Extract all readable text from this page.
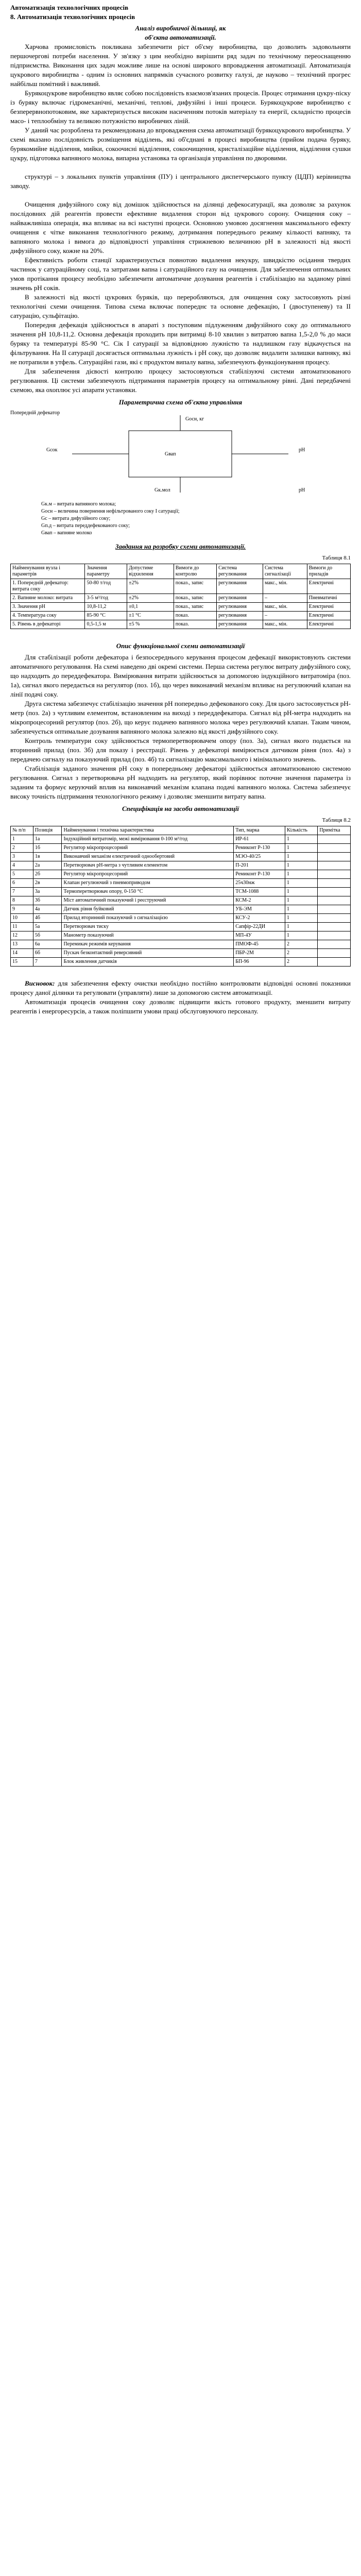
Автоматизація технологічних процесів
8. Автоматизація технологічних процесів
Аналіз виробничої дільниці, як
об'єкта автоматизації.

Харчова промисловість покликана забезпечити ріст об'єму виробництва, що дозволить задовольняти першочергові потреби населення. У зв'язку з цим необхідно вирішити ряд задач по технічному переоснащенню підприємства. Виконання цих задач можливе лише на основі широкого впровадження автоматизації. Автоматизація цукрового виробництва - одним із основних напрямків сучасного розвитку галузі, де науково – технічний прогрес найбільш помітний і важливий.

Бурякоцукрове виробництво являє собою послідовність взаємозв'язаних процесів. Процес отримання цукру-піску із буряку включає гідромеханічні, механічні, теплові, дифузійні і інші процеси. Бурякоцукрове виробництво є безперервнопотоковим, яке характеризується високим насиченням потоків матеріалу та енергії, складністю процесів масо- і теплообміну та великою потужністю виробничих ліній.

У даний час розроблена та рекомендована до впровадження схема автоматизації бурякоцукрового виробництва. У схемі вказано послідовність розміщення відділень, які об'єднані в процесі виробництва (прийом подача буряку, бурякомийне відділення, мийки, сокоочисні відділення, сокоочищення, кристалізаційне відділення, відділення сушки цукру, підготовка вапняного молока, випарна установка та організація управління по дворовими.

структурі – з локальних пунктів управління (ПУ) і центрального диспетчерського пункту (ЦДП) керівництва заводу.

Очищення дифузійного соку від домішок здійснюється на ділянці дефекосатурації, яка дозволяє за рахунок послідовних дій реагентів провести ефективне видалення сторон від цукрового сорону. Очищення соку – найважливіша операція, яка впливає на всі наступні процеси. Основною умовою досягнення максимального ефекту очищення є чітке виконання технологічного режиму, дотримання попереднього режиму кількості вапняку, та вапняного молока і вимога до відповідності управління стрижневою величиною pH в залежності від якості дифузійного соку, кожне на 20%.

Ефективність роботи станції характеризується повнотою видалення некукру, швидкістю осідання твердих частинок у сатураційному соці, та затратами вапна і сатураційного газу на очищення. Для забезпечення оптимальних умов протікання процесу необхідно забезпечити автоматичне дозування реагентів і стабілізацію на заданому рівні значень pH соків.

В залежності від якості цукрових буряків, що переробляються, для очищення соку застосовують різні технологічні схеми очищення. Типова схема включає попереднє та основне дефекацію, І (двоступеневу) та II сатурацію, сульфітацію.

Попередня дефекація здійснюється в апараті з поступовим підлуженням дифузійного соку до оптимального значення pH 10,8-11,2. Основна дефекація проходить при витримці 8-10 хвилин з витратою вапна 1,5-2,0 % до маси буряку та температурі 85-90 °С. Сік I сатурації за відповідною лужністю та надлишком газу відкачується на фільтрування. На II сатурації досягається оптимальна лужність і рH соку, що дозволяє видалити залишки вапняку, які не потрапили в утфель. Сатураційні гази, які є продуктом випалу вапна, забезпечують функціонування процесу.

Для забезпечення дієвості контролю процесу застосовуються стабілізуючі системи автоматизованого регулювання. Ці системи забезпечують підтримання параметрів процесу на оптимальному рівні. Дані передбачені схемою, яка охоплює усі апарати установки.

Параметрична схема об'єкта управління
Попередній дефекатор
Gосн, кг
Gсок
Gвап
pH
Gк.мол	pH
Gк.м – витрата вапняного молока;
Gосн – величина повернення нефільтрованого соку I сатурації;
Gс – витрата дифузійного соку;
Gп.д – витрата переддефекованого соку;
Gвап – вапняне молоко
Завдання на розробку схеми автоматизації.
Таблиця 8.1
Найменування вузла і параметрів	Значення параметру	Допустиме відхилення	Вимоги до контролю	Система регулювання	Система сигналізації	Вимоги до приладів
1. Попередній дефекатор: витрата соку	50-80 т/год	±2%	показ., запис	регулювання	макс., мін.	Електричні
2. Вапняне молоко: витрата	3-5 м³/год	±2%	показ., запис	регулювання	–	Пневматичні
3. Значення pH	10,8-11,2	±0,1	показ., запис	регулювання	макс., мін.	Електричні
4. Температура соку	85-90 °С	±1 °С	показ.	регулювання	–	Електричні
5. Рівень в дефекаторі	0,5-1,5 м	±5 %	показ.	регулювання	макс., мін.	Електричні
Опис функціональної схеми автоматизації

Для стабілізації роботи дефекатора і безпосереднього керування процесом дефекації використовують системи автоматичного регулювання. На схемі наведено дві окремі системи. Перша система регулює витрату дифузійного соку, що надходить до переддефекатора. Вимірювання витрати здійснюється за допомогою індукційного витратоміра (поз. 1а), сигнал якого передається на регулятор (поз. 1б), що через виконавчий механізм впливає на регулюючий клапан на лінії подачі соку.

Друга система забезпечує стабілізацію значення pH попередньо дефекованого соку. Для цього застосовується pH-метр (поз. 2а) з чутливим елементом, встановленим на виході з переддефекатора. Сигнал від pH-метра надходить на мікропроцесорний регулятор (поз. 2б), що керує подачею вапняного молока через регулюючий клапан. Таким чином, забезпечується оптимальне дозування вапняного молока залежно від якості дифузійного соку.

Контроль температури соку здійснюється термоперетворювачем опору (поз. 3а), сигнал якого подається на вторинний прилад (поз. 3б) для показу і реєстрації. Рівень у дефекаторі вимірюється датчиком рівня (поз. 4а) з передачею сигналу на показуючий прилад (поз. 4б) та сигналізацію максимального і мінімального значень.

Стабілізація заданого значення pH соку в попередньому дефекаторі здійснюється автоматизованою системою регулювання. Сигнал з перетворювача pH надходить на регулятор, який порівнює поточне значення параметра із заданим та формує керуючий вплив на виконавчий механізм клапана подачі вапняного молока. Система забезпечує високу точність підтримання технологічного режиму і дозволяє зменшити витрату вапна.

Специфікація на засоби автоматизації
Таблиця 8.2
№ п/п	Позиція	Найменування і технічна характеристика	Тип, марка	Кількість	Примітка
1	1а	Індукційний витратомір, межі вимірювання 0-100 м³/год	ИР-61	1	
2	1б	Регулятор мікропроцесорний	Ремиконт Р-130	1	
3	1в	Виконавчий механізм електричний однообертовий	МЭО-40/25	1	
4	2а	Перетворювач pH-метра з чутливим елементом	П-201	1	
5	2б	Регулятор мікропроцесорний	Ремиконт Р-130	1	
6	2в	Клапан регулюючий з пневмоприводом	25ч30нж	1	
7	3а	Термоперетворювач опору, 0-150 °С	ТСМ-1088	1	
8	3б	Міст автоматичний показуючий і реєструючий	КСМ-2	1	
9	4а	Датчик рівня буйковий	УБ-ЭМ	1	
10	4б	Прилад вторинний показуючий з сигналізацією	КСУ-2	1	
11	5а	Перетворювач тиску	Сапфір-22ДИ	1	
12	5б	Манометр показуючий	МП-4У	1	
13	6а	Перемикач режимів керування	ПМОФ-45	2	
14	6б	Пускач безконтактний реверсивний	ПБР-2М	2	
15	7	Блок живлення датчиків	БП-96	2	

Висновок: для забезпечення ефекту очистки необхідно постійно контролювати відповідні основні показники процесу даної ділянки та регулювати (управляти) лише за допомогою систем автоматизації.

Автоматизація процесів очищення соку дозволяє підвищити якість готового продукту, зменшити витрату реагентів і енергоресурсів, а також поліпшити умови праці обслуговуючого персоналу.
